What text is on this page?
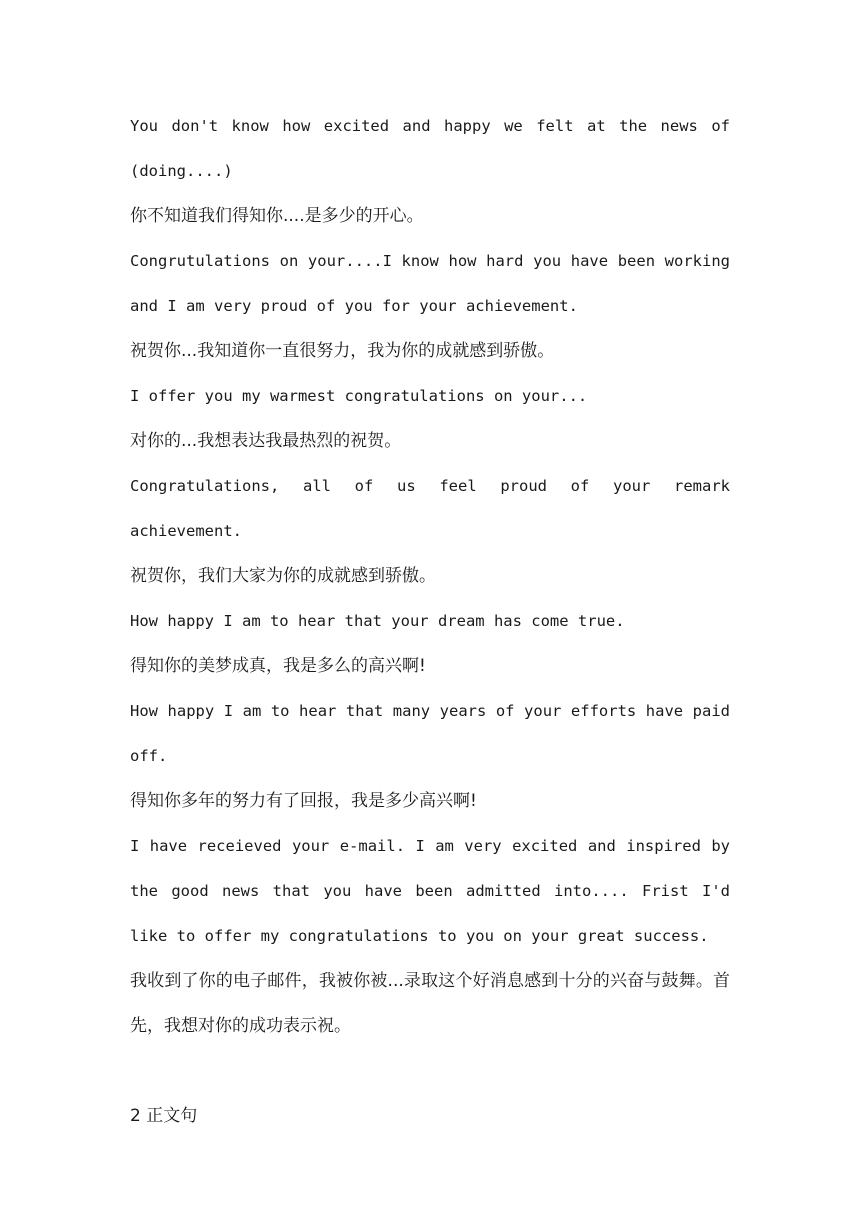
You don't know how excited and happy we felt at the news of (doing....)

你不知道我们得知你....是多少的开心。

Congrutulations on your....I know how hard you have been working and I am very proud of you for your achievement.

祝贺你...我知道你一直很努力，我为你的成就感到骄傲。

I offer you my warmest congratulations on your...

对你的...我想表达我最热烈的祝贺。

Congratulations, all of us feel proud of your remark achievement.

祝贺你，我们大家为你的成就感到骄傲。

How happy I am to hear that your dream has come true.

得知你的美梦成真，我是多么的高兴啊!

How happy I am to hear that many years of your efforts have paid off.

得知你多年的努力有了回报，我是多少高兴啊!

I have receieved your e-mail. I am very excited and inspired by the good news that you have been admitted into.... Frist I'd like to offer my congratulations to you on your great success.

我收到了你的电子邮件，我被你被...录取这个好消息感到十分的兴奋与鼓舞。首先，我想对你的成功表示祝。

2 正文句
